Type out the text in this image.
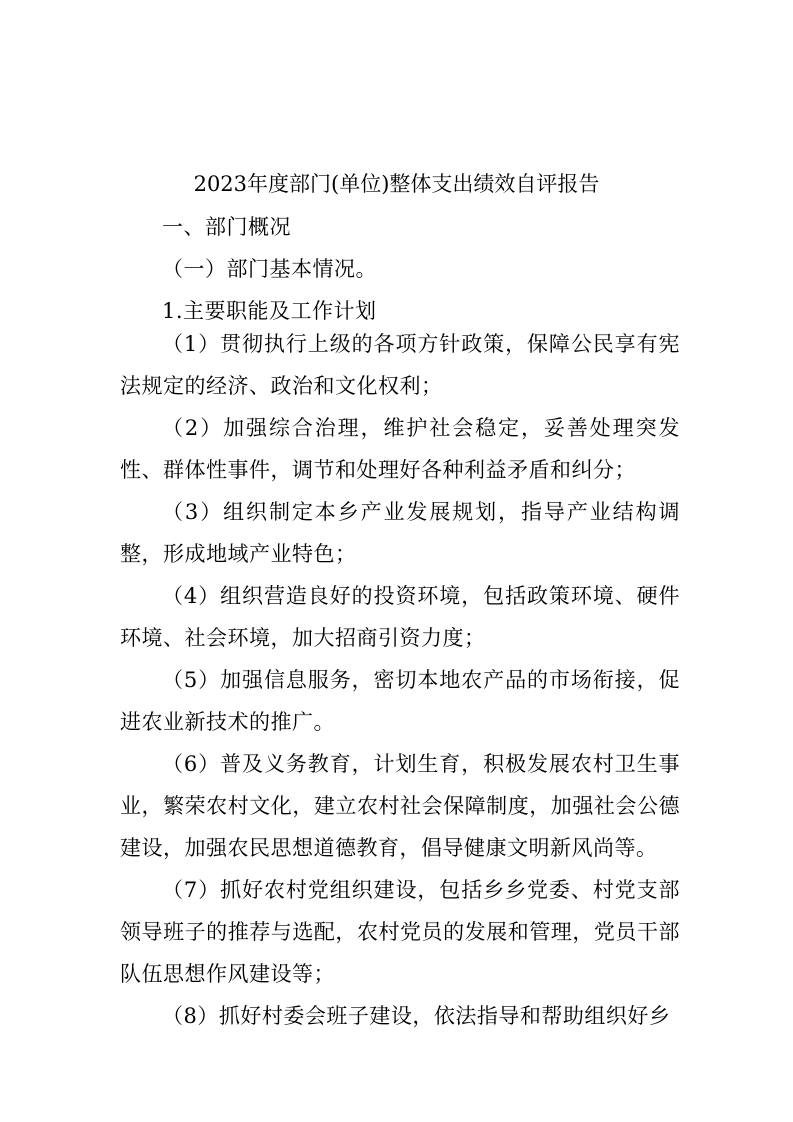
2023年度部门(单位)整体支出绩效自评报告
一、部门概况
（一）部门基本情况。
1.主要职能及工作计划
（1）贯彻执行上级的各项方针政策，保障公民享有宪法规定的经济、政治和文化权利；
（2）加强综合治理，维护社会稳定，妥善处理突发性、群体性事件，调节和处理好各种利益矛盾和纠分；
（3）组织制定本乡产业发展规划，指导产业结构调整，形成地域产业特色；
（4）组织营造良好的投资环境，包括政策环境、硬件环境、社会环境，加大招商引资力度；
（5）加强信息服务，密切本地农产品的市场衔接，促进农业新技术的推广。
（6）普及义务教育，计划生育，积极发展农村卫生事业，繁荣农村文化，建立农村社会保障制度，加强社会公德建设，加强农民思想道德教育，倡导健康文明新风尚等。
（7）抓好农村党组织建设，包括乡乡党委、村党支部领导班子的推荐与选配，农村党员的发展和管理，党员干部队伍思想作风建设等；
（8）抓好村委会班子建设，依法指导和帮助组织好乡
